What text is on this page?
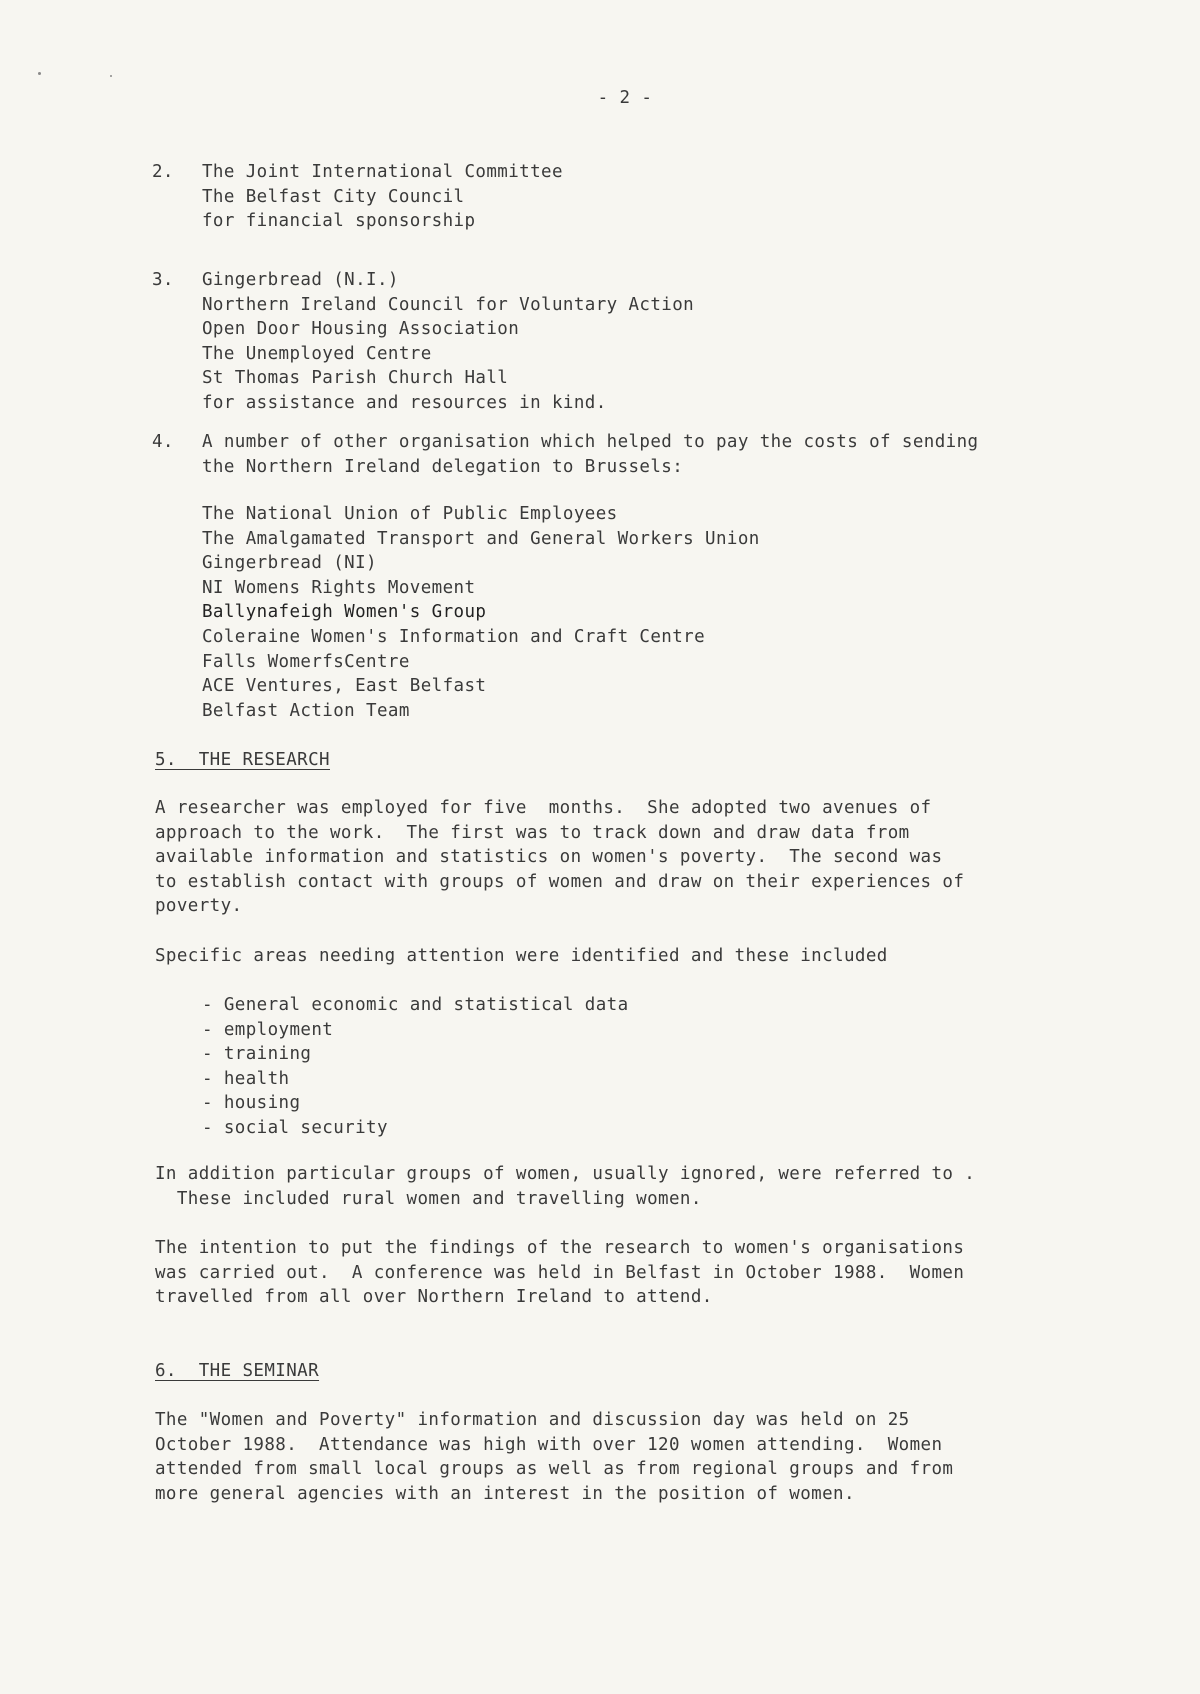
- 2 -
2. The Joint International Committee
The Belfast City Council
for financial sponsorship
3. Gingerbread (N.I.)
Northern Ireland Council for Voluntary Action
Open Door Housing Association
The Unemployed Centre
St Thomas Parish Church Hall
for assistance and resources in kind.
4. A number of other organisation which helped to pay the costs of sending
the Northern Ireland delegation to Brussels:
The National Union of Public Employees
The Amalgamated Transport and General Workers Union
Gingerbread (NI)
NI Womens Rights Movement
Ballynafeigh Women's Group
Coleraine Women's Information and Craft Centre
Falls WomerfsCentre
ACE Ventures, East Belfast
Belfast Action Team
5.  THE RESEARCH
A researcher was employed for five  months.  She adopted two avenues of
approach to the work.  The first was to track down and draw data from
available information and statistics on women's poverty.  The second was
to establish contact with groups of women and draw on their experiences of
poverty.
Specific areas needing attention were identified and these included
- General economic and statistical data
- employment
- training
- health
- housing
- social security
In addition particular groups of women, usually ignored, were referred to .
These included rural women and travelling women.
The intention to put the findings of the research to women's organisations
was carried out.  A conference was held in Belfast in October 1988.  Women
travelled from all over Northern Ireland to attend.
6.  THE SEMINAR
The "Women and Poverty" information and discussion day was held on 25
October 1988.  Attendance was high with over 120 women attending.  Women
attended from small local groups as well as from regional groups and from
more general agencies with an interest in the position of women.
